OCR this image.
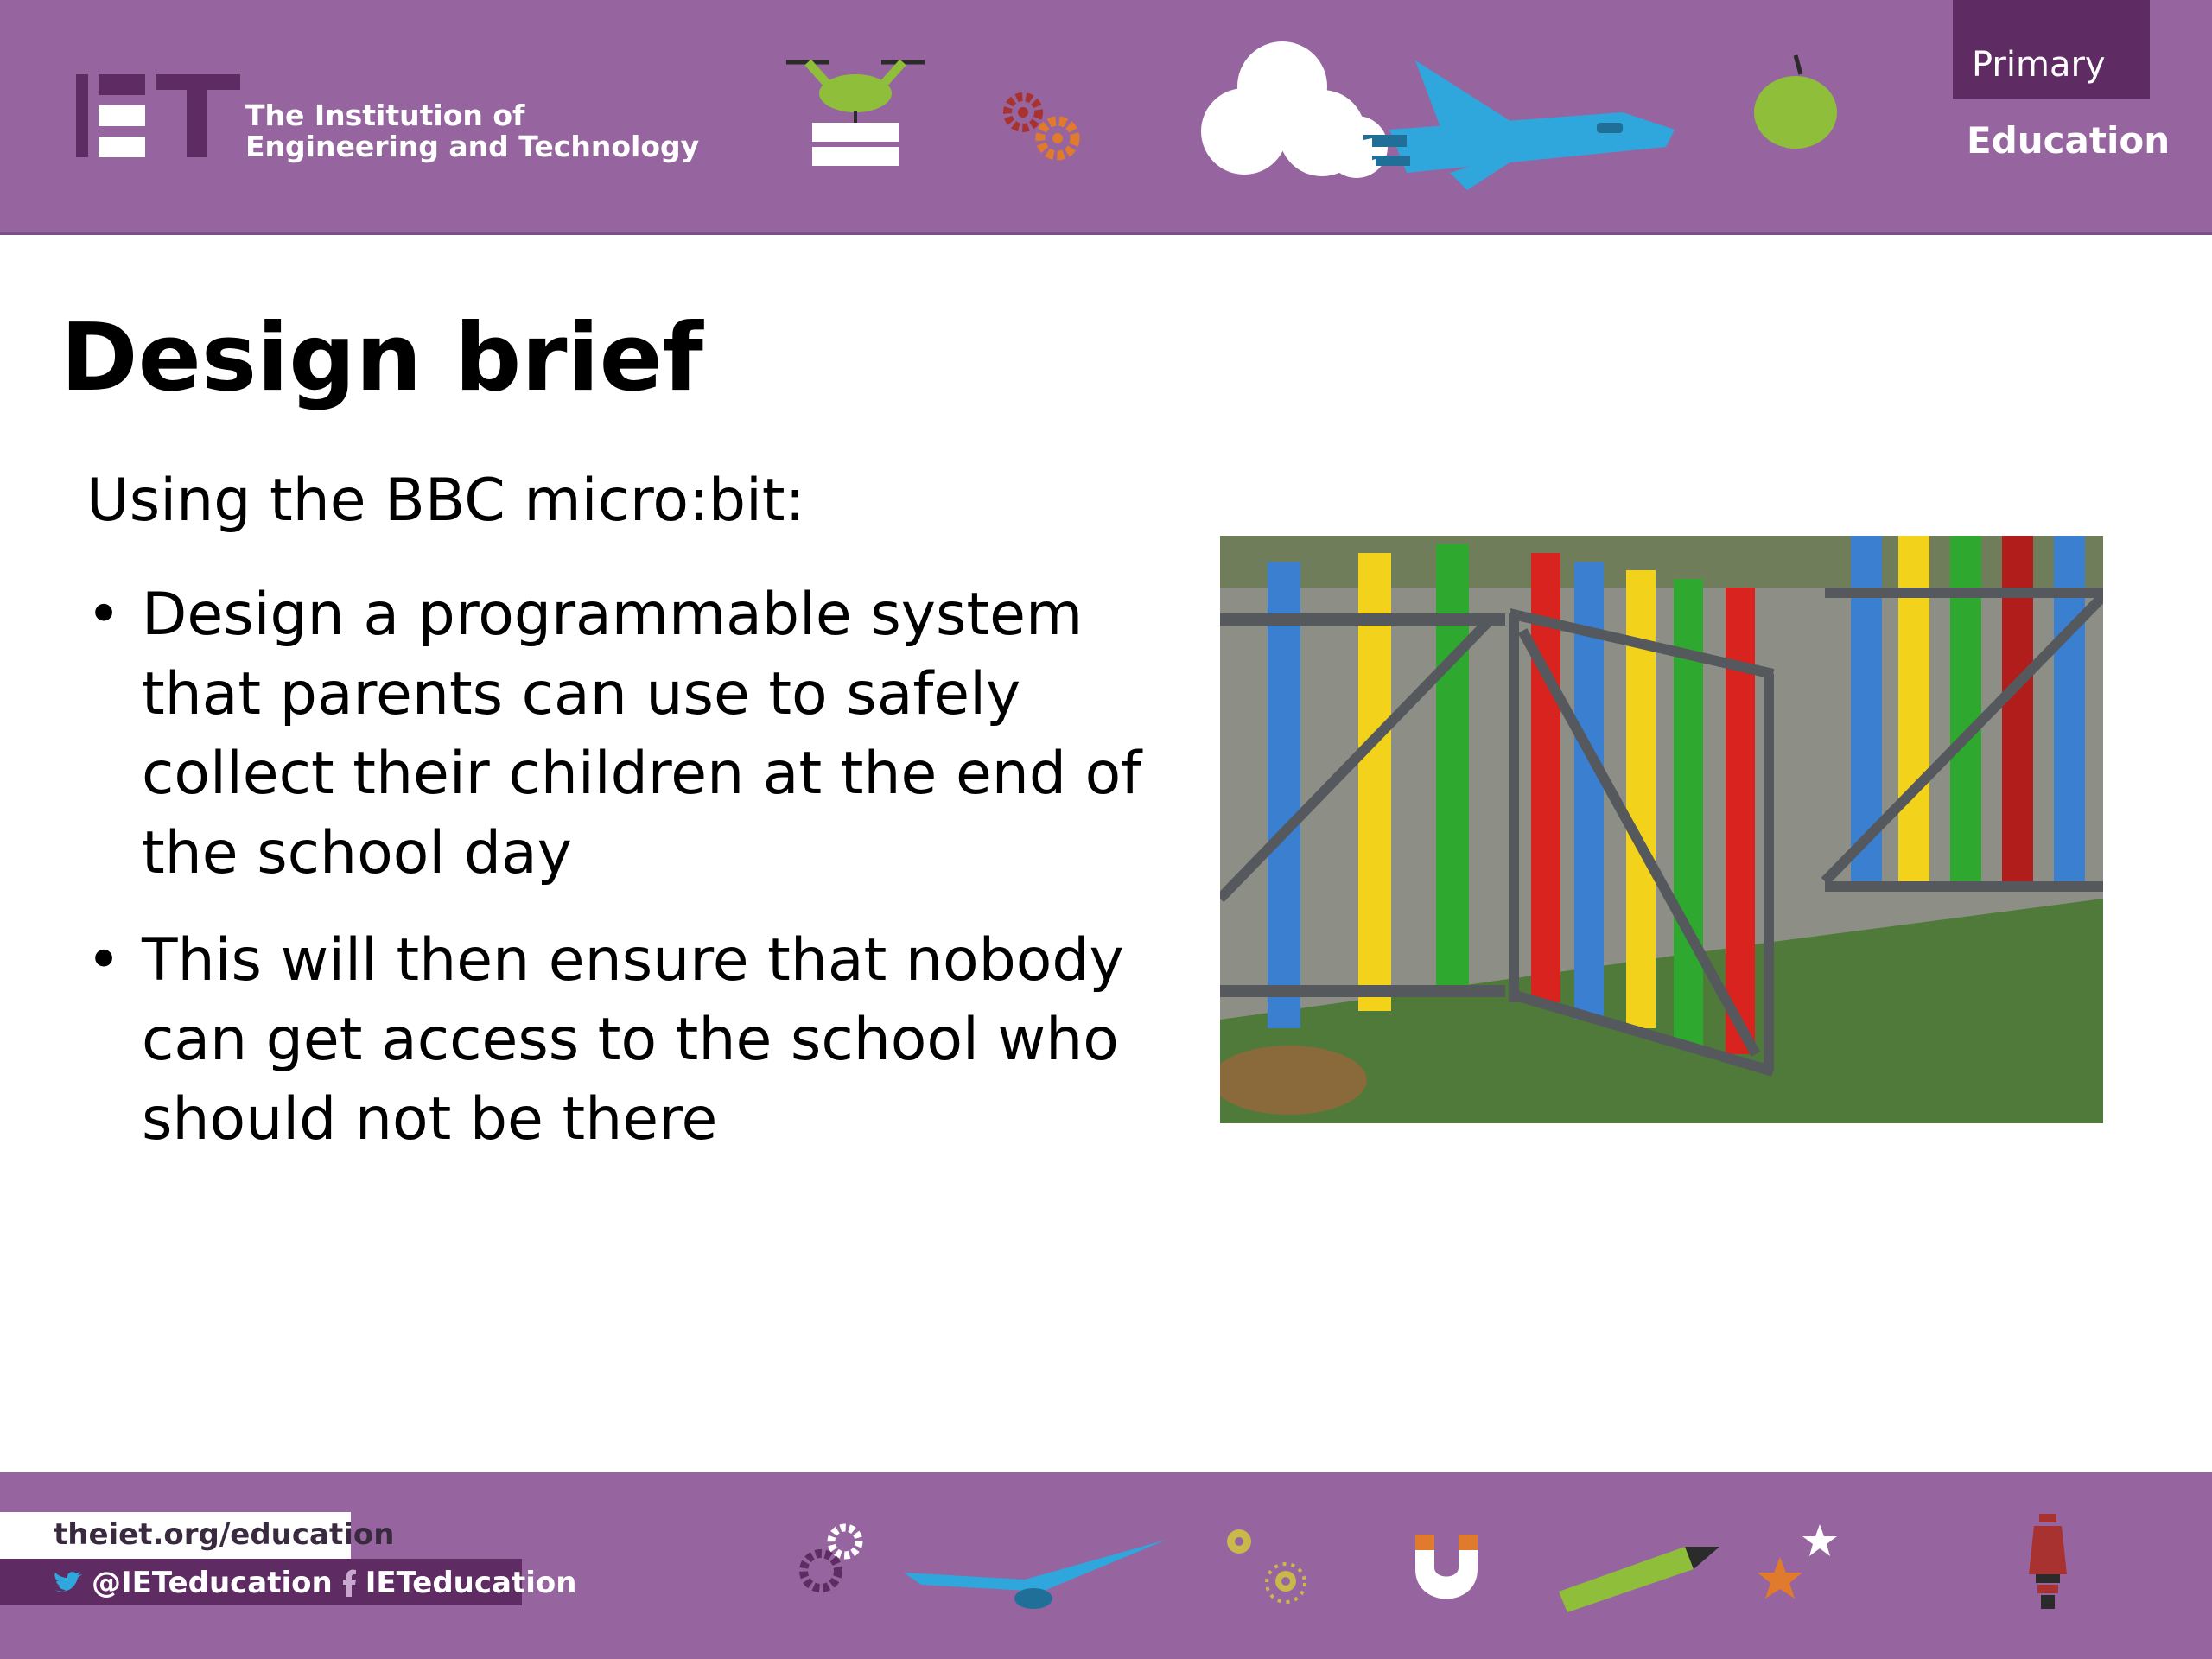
The Institution of
Engineering and Technology
Primary
Education
Design brief
Using the BBC micro:bit:
• Design a programmable system that parents can use to safely collect their children at the end of the school day
• This will then ensure that nobody can get access to the school who should not be there
theiet.org/education
@IETeducation IETeducation
